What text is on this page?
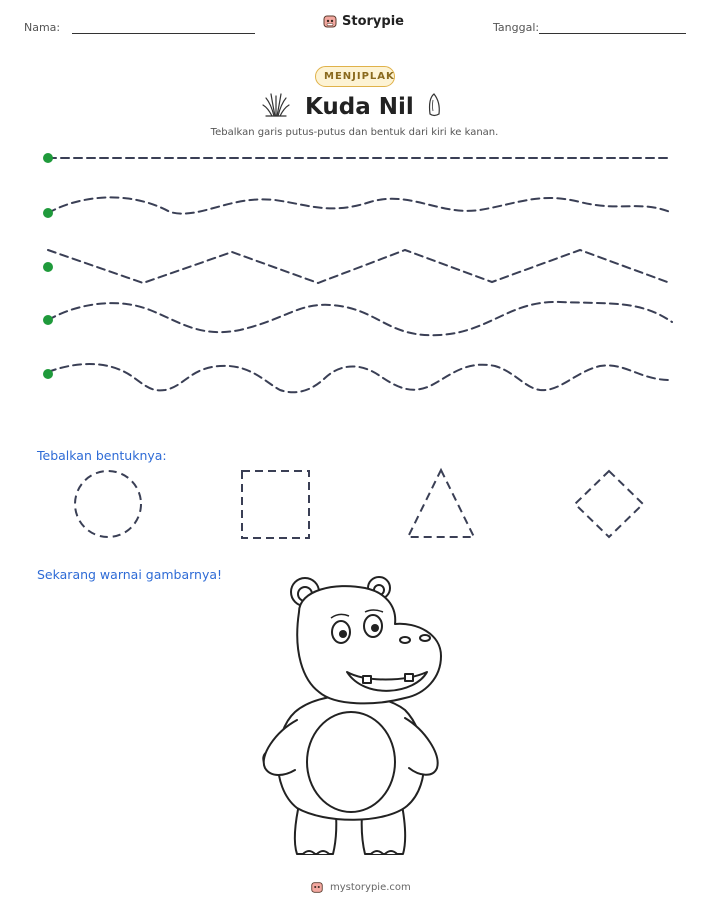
Nama:	Storypie	Tanggal:
MENJIPLAK
Kuda Nil
Tebalkan garis putus-putus dan bentuk dari kiri ke kanan.
Tebalkan bentuknya:
Sekarang warnai gambarnya!
mystorypie.com
